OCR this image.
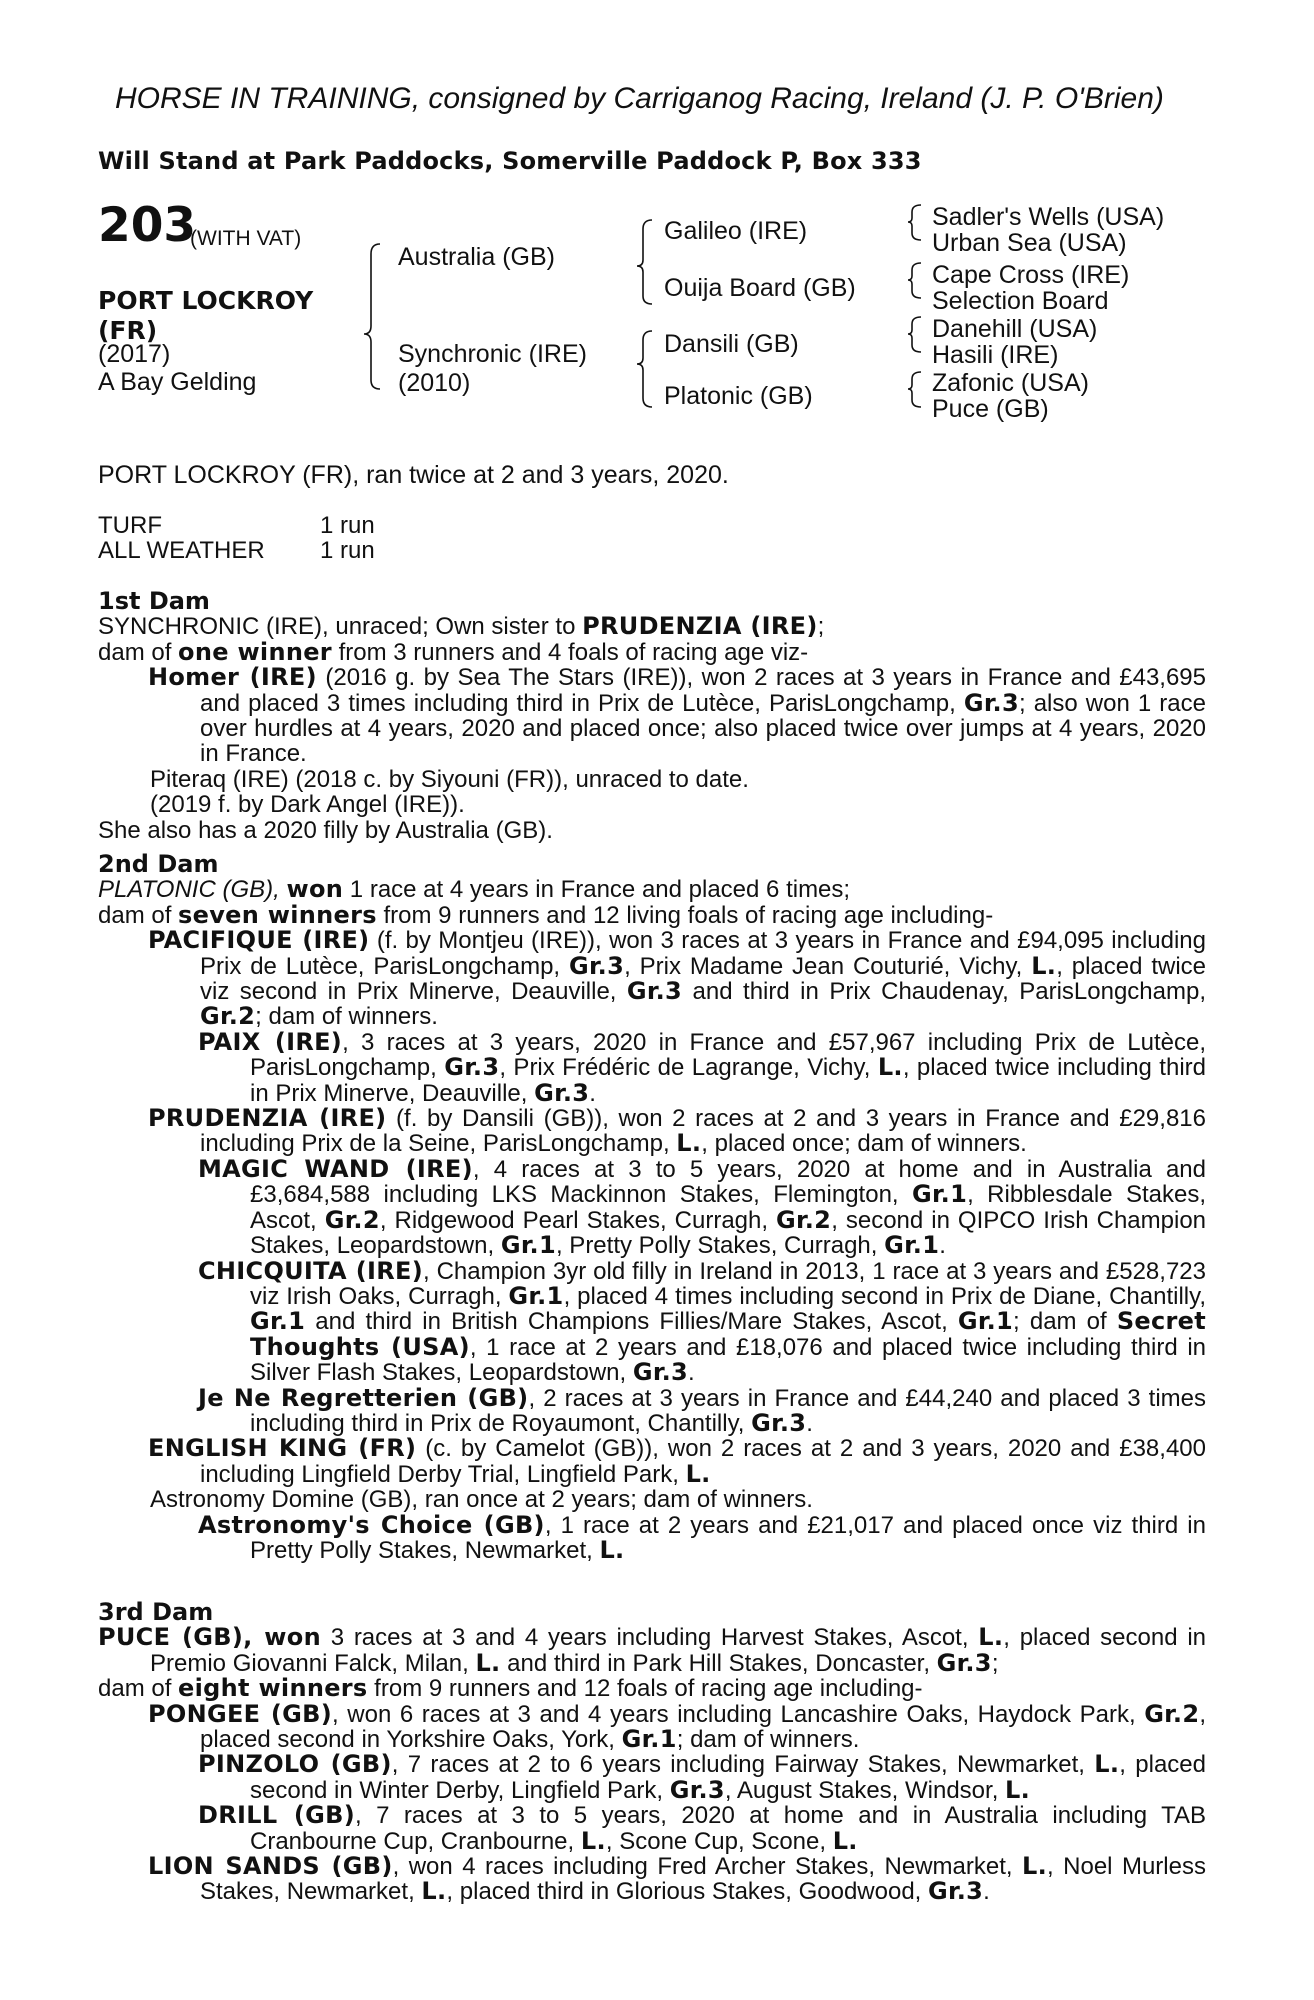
HORSE IN TRAINING, consigned by Carriganog Racing, Ireland (J. P. O'Brien)
Will Stand at Park Paddocks, Somerville Paddock P, Box 333
203
(WITH VAT)
PORT LOCKROY
(FR)
(2017)
A Bay Gelding
Australia (GB)
Synchronic (IRE)
(2010)
Galileo (IRE)
Ouija Board (GB)
Dansili (GB)
Platonic (GB)
Sadler's Wells (USA)
Urban Sea (USA)
Cape Cross (IRE)
Selection Board
Danehill (USA)
Hasili (IRE)
Zafonic (USA)
Puce (GB)
PORT LOCKROY (FR), ran twice at 2 and 3 years, 2020.
TURF	1 run
ALL WEATHER	1 run

1st Dam

SYNCHRONIC (IRE), unraced; Own sister to PRUDENZIA (IRE);

dam of one winner from 3 runners and 4 foals of racing age viz-

Homer (IRE) (2016 g. by Sea The Stars (IRE)), won 2 races at 3 years in France and £43,695 and placed 3 times including third in Prix de Lutèce, ParisLongchamp, Gr.3; also won 1 race over hurdles at 4 years, 2020 and placed once; also placed twice over jumps at 4 years, 2020 in France.

Piteraq (IRE) (2018 c. by Siyouni (FR)), unraced to date.

(2019 f. by Dark Angel (IRE)).

She also has a 2020 filly by Australia (GB).

2nd Dam

PLATONIC (GB), won 1 race at 4 years in France and placed 6 times;

dam of seven winners from 9 runners and 12 living foals of racing age including-

PACIFIQUE (IRE) (f. by Montjeu (IRE)), won 3 races at 3 years in France and £94,095 including Prix de Lutèce, ParisLongchamp, Gr.3, Prix Madame Jean Couturié, Vichy, L., placed twice viz second in Prix Minerve, Deauville, Gr.3 and third in Prix Chaudenay, ParisLongchamp, Gr.2; dam of winners.

PAIX (IRE), 3 races at 3 years, 2020 in France and £57,967 including Prix de Lutèce, ParisLongchamp, Gr.3, Prix Frédéric de Lagrange, Vichy, L., placed twice including third in Prix Minerve, Deauville, Gr.3.

PRUDENZIA (IRE) (f. by Dansili (GB)), won 2 races at 2 and 3 years in France and £29,816 including Prix de la Seine, ParisLongchamp, L., placed once; dam of winners.

MAGIC WAND (IRE), 4 races at 3 to 5 years, 2020 at home and in Australia and £3,684,588 including LKS Mackinnon Stakes, Flemington, Gr.1, Ribblesdale Stakes, Ascot, Gr.2, Ridgewood Pearl Stakes, Curragh, Gr.2, second in QIPCO Irish Champion Stakes, Leopardstown, Gr.1, Pretty Polly Stakes, Curragh, Gr.1.

CHICQUITA (IRE), Champion 3yr old filly in Ireland in 2013, 1 race at 3 years and £528,723 viz Irish Oaks, Curragh, Gr.1, placed 4 times including second in Prix de Diane, Chantilly, Gr.1 and third in British Champions Fillies/Mare Stakes, Ascot, Gr.1; dam of Secret Thoughts (USA), 1 race at 2 years and £18,076 and placed twice including third in Silver Flash Stakes, Leopardstown, Gr.3.

Je Ne Regretterien (GB), 2 races at 3 years in France and £44,240 and placed 3 times including third in Prix de Royaumont, Chantilly, Gr.3.

ENGLISH KING (FR) (c. by Camelot (GB)), won 2 races at 2 and 3 years, 2020 and £38,400 including Lingfield Derby Trial, Lingfield Park, L.

Astronomy Domine (GB), ran once at 2 years; dam of winners.

Astronomy's Choice (GB), 1 race at 2 years and £21,017 and placed once viz third in Pretty Polly Stakes, Newmarket, L.

3rd Dam

PUCE (GB), won 3 races at 3 and 4 years including Harvest Stakes, Ascot, L., placed second in Premio Giovanni Falck, Milan, L. and third in Park Hill Stakes, Doncaster, Gr.3;

dam of eight winners from 9 runners and 12 foals of racing age including-

PONGEE (GB), won 6 races at 3 and 4 years including Lancashire Oaks, Haydock Park, Gr.2, placed second in Yorkshire Oaks, York, Gr.1; dam of winners.

PINZOLO (GB), 7 races at 2 to 6 years including Fairway Stakes, Newmarket, L., placed second in Winter Derby, Lingfield Park, Gr.3, August Stakes, Windsor, L.

DRILL (GB), 7 races at 3 to 5 years, 2020 at home and in Australia including TAB Cranbourne Cup, Cranbourne, L., Scone Cup, Scone, L.

LION SANDS (GB), won 4 races including Fred Archer Stakes, Newmarket, L., Noel Murless Stakes, Newmarket, L., placed third in Glorious Stakes, Goodwood, Gr.3.
